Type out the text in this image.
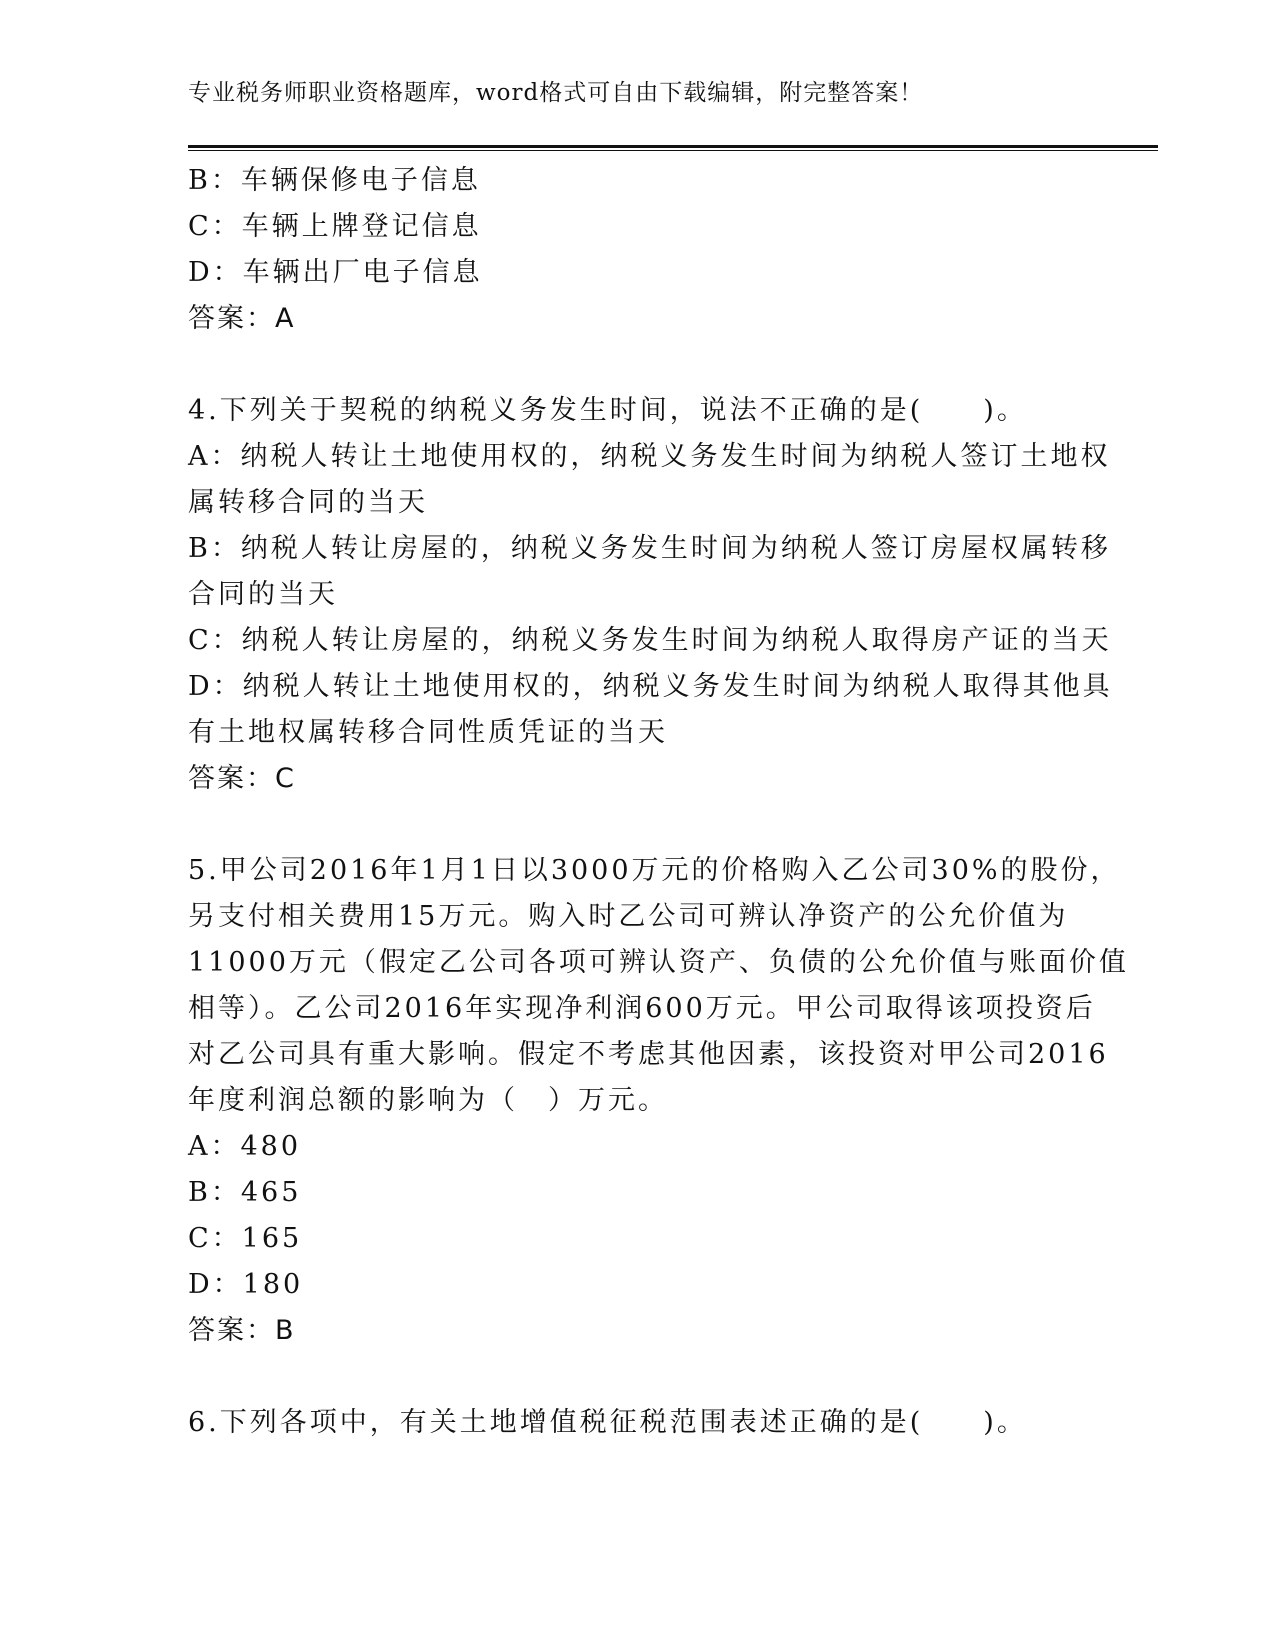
专业税务师职业资格题库，word格式可自由下载编辑，附完整答案！
B：车辆保修电子信息
C：车辆上牌登记信息
D：车辆出厂电子信息
答案：A
4.下列关于契税的纳税义务发生时间，说法不正确的是(　　)。
A：纳税人转让土地使用权的，纳税义务发生时间为纳税人签订土地权
属转移合同的当天
B：纳税人转让房屋的，纳税义务发生时间为纳税人签订房屋权属转移
合同的当天
C：纳税人转让房屋的，纳税义务发生时间为纳税人取得房产证的当天
D：纳税人转让土地使用权的，纳税义务发生时间为纳税人取得其他具
有土地权属转移合同性质凭证的当天
答案：C
5.甲公司2016年1月1日以3000万元的价格购入乙公司30%的股份，
另支付相关费用15万元。购入时乙公司可辨认净资产的公允价值为
11000万元（假定乙公司各项可辨认资产、负债的公允价值与账面价值
相等）。乙公司2016年实现净利润600万元。甲公司取得该项投资后
对乙公司具有重大影响。假定不考虑其他因素，该投资对甲公司2016
年度利润总额的影响为（　）万元。
A：480
B：465
C：165
D：180
答案：B
6.下列各项中，有关土地增值税征税范围表述正确的是(　　)。
